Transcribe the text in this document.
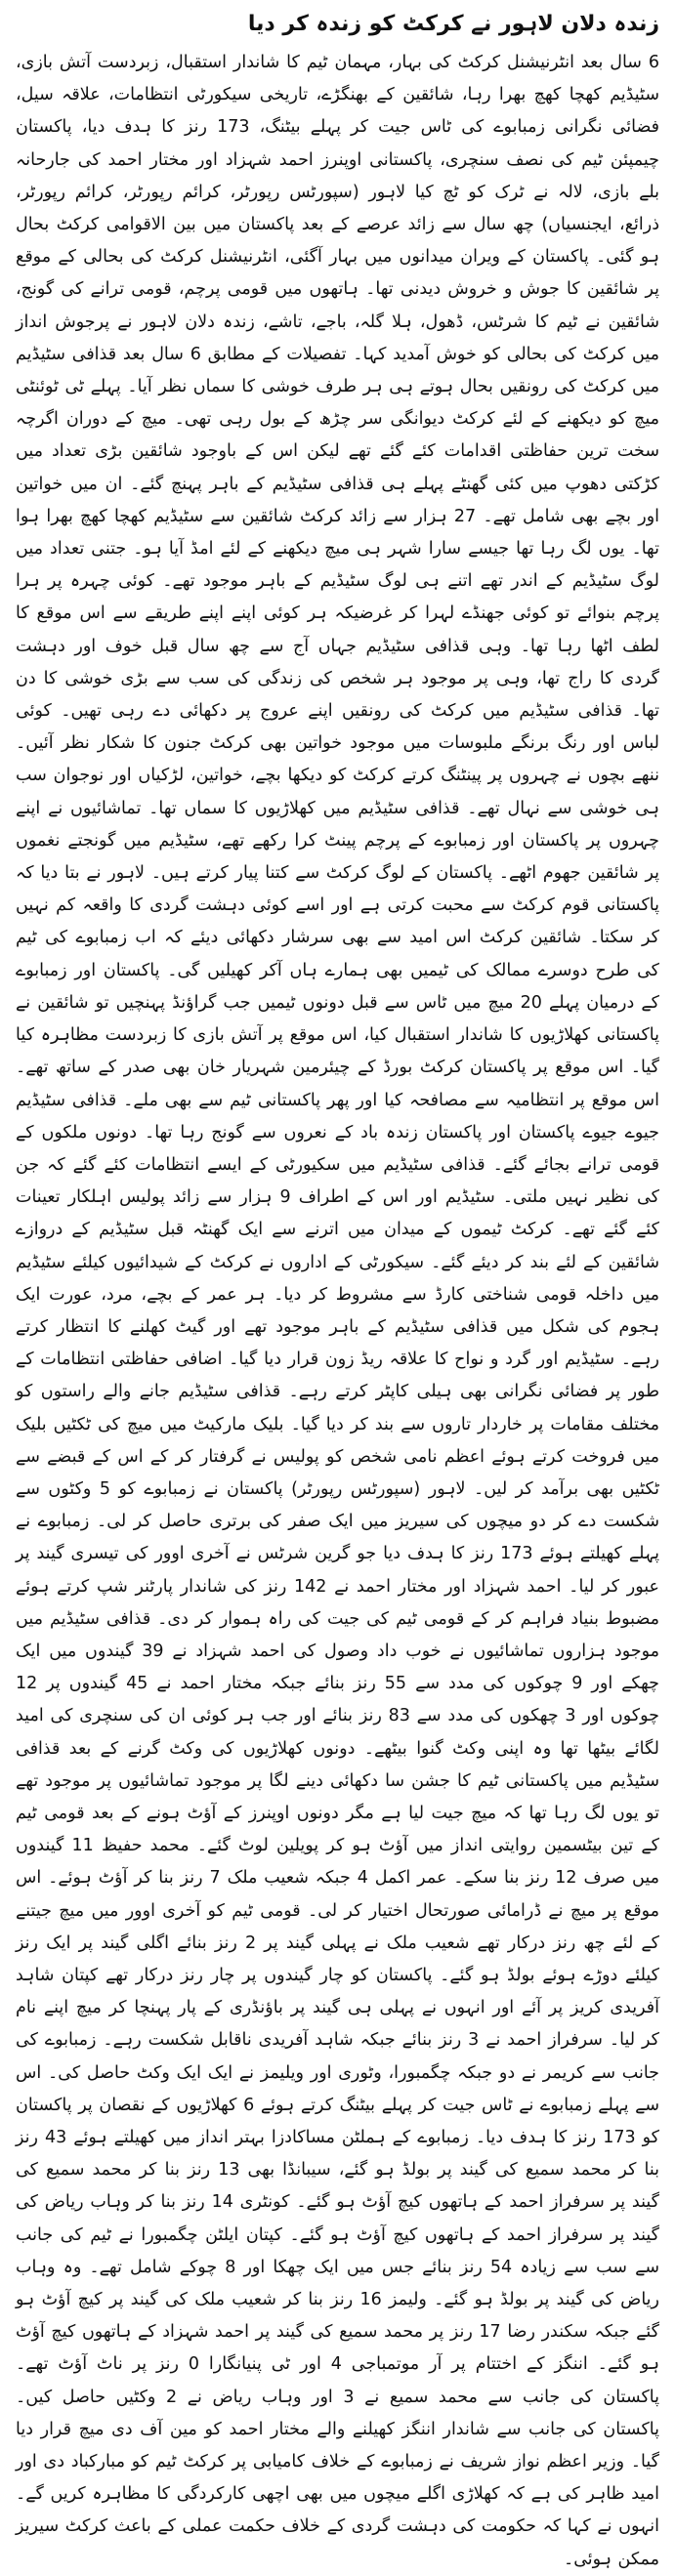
زندہ دلان لاہور نے کرکٹ کو زندہ کر دیا

6 سال بعد انٹرنیشنل کرکٹ کی بہار، مہمان ٹیم کا شاندار استقبال، زبردست آتش بازی، سٹیڈیم کھچا کھچ بھرا رہا، شائقین کے بھنگڑے، تاریخی سیکورٹی انتظامات، علاقہ سیل، فضائی نگرانی زمبابوے کی ٹاس جیت کر پہلے بیٹنگ، 173 رنز کا ہدف دیا، پاکستان چیمپئن ٹیم کی نصف سنچری، پاکستانی اوپنرز احمد شہزاد اور مختار احمد کی جارحانہ بلے بازی، لالہ نے ٹرک کو ٹچ کیا لاہور (سپورٹس رپورٹر، کرائم رپورٹر، کرائم رپورٹر، ذرائع، ایجنسیاں) چھ سال سے زائد عرصے کے بعد پاکستان میں بین الاقوامی کرکٹ بحال ہو گئی۔ پاکستان کے ویران میدانوں میں بہار آگئی، انٹرنیشنل کرکٹ کی بحالی کے موقع پر شائقین کا جوش و خروش دیدنی تھا۔ ہاتھوں میں قومی پرچم، قومی ترانے کی گونج، شائقین نے ٹیم کا شرٹس، ڈھول، ہلا گلہ، باجے، تاشے، زندہ دلان لاہور نے پرجوش انداز میں کرکٹ کی بحالی کو خوش آمدید کہا۔ تفصیلات کے مطابق 6 سال بعد قذافی سٹیڈیم میں کرکٹ کی رونقیں بحال ہوتے ہی ہر طرف خوشی کا سماں نظر آیا۔ پہلے ٹی ٹوئنٹی میچ کو دیکھنے کے لئے کرکٹ دیوانگی سر چڑھ کے بول رہی تھی۔ میچ کے دوران اگرچہ سخت ترین حفاظتی اقدامات کئے گئے تھے لیکن اس کے باوجود شائقین بڑی تعداد میں کڑکتی دھوپ میں کئی گھنٹے پہلے ہی قذافی سٹیڈیم کے باہر پہنچ گئے۔ ان میں خواتین اور بچے بھی شامل تھے۔ 27 ہزار سے زائد کرکٹ شائقین سے سٹیڈیم کھچا کھچ بھرا ہوا تھا۔ یوں لگ رہا تھا جیسے سارا شہر ہی میچ دیکھنے کے لئے امڈ آیا ہو۔ جتنی تعداد میں لوگ سٹیڈیم کے اندر تھے اتنے ہی لوگ سٹیڈیم کے باہر موجود تھے۔ کوئی چہرہ پر ہرا پرچم بنوائے تو کوئی جھنڈے لہرا کر غرضیکہ ہر کوئی اپنے اپنے طریقے سے اس موقع کا لطف اٹھا رہا تھا۔ وہی قذافی سٹیڈیم جہاں آج سے چھ سال قبل خوف اور دہشت گردی کا راج تھا، وہی پر موجود ہر شخص کی زندگی کی سب سے بڑی خوشی کا دن تھا۔ قذافی سٹیڈیم میں کرکٹ کی رونقیں اپنے عروج پر دکھائی دے رہی تھیں۔ کوئی لباس اور رنگ برنگے ملبوسات میں موجود خواتین بھی کرکٹ جنون کا شکار نظر آئیں۔ ننھے بچوں نے چہروں پر پینٹنگ کرتے کرکٹ کو دیکھا بچے، خواتین، لڑکیاں اور نوجوان سب ہی خوشی سے نہال تھے۔ قذافی سٹیڈیم میں کھلاڑیوں کا سماں تھا۔ تماشائیوں نے اپنے چہروں پر پاکستان اور زمبابوے کے پرچم پینٹ کرا رکھے تھے، سٹیڈیم میں گونجتے نغموں پر شائقین جھوم اٹھے۔ پاکستان کے لوگ کرکٹ سے کتنا پیار کرتے ہیں۔ لاہور نے بتا دیا کہ پاکستانی قوم کرکٹ سے محبت کرتی ہے اور اسے کوئی دہشت گردی کا واقعہ کم نہیں کر سکتا۔ شائقین کرکٹ اس امید سے بھی سرشار دکھائی دیئے کہ اب زمبابوے کی ٹیم کی طرح دوسرے ممالک کی ٹیمیں بھی ہمارے ہاں آکر کھیلیں گی۔ پاکستان اور زمبابوے کے درمیان پہلے 20 میچ میں ٹاس سے قبل دونوں ٹیمیں جب گراؤنڈ پہنچیں تو شائقین نے پاکستانی کھلاڑیوں کا شاندار استقبال کیا، اس موقع پر آتش بازی کا زبردست مظاہرہ کیا گیا۔ اس موقع پر پاکستان کرکٹ بورڈ کے چیئرمین شہریار خان بھی صدر کے ساتھ تھے۔ اس موقع پر انتظامیہ سے مصافحہ کیا اور پھر پاکستانی ٹیم سے بھی ملے۔ قذافی سٹیڈیم جیوے جیوے پاکستان اور پاکستان زندہ باد کے نعروں سے گونج رہا تھا۔ دونوں ملکوں کے قومی ترانے بجائے گئے۔ قذافی سٹیڈیم میں سکیورٹی کے ایسے انتظامات کئے گئے کہ جن کی نظیر نہیں ملتی۔ سٹیڈیم اور اس کے اطراف 9 ہزار سے زائد پولیس اہلکار تعینات کئے گئے تھے۔ کرکٹ ٹیموں کے میدان میں اترنے سے ایک گھنٹہ قبل سٹیڈیم کے دروازے شائقین کے لئے بند کر دیئے گئے۔ سیکورٹی کے اداروں نے کرکٹ کے شیدائیوں کیلئے سٹیڈیم میں داخلہ قومی شناختی کارڈ سے مشروط کر دیا۔ ہر عمر کے بچے، مرد، عورت ایک ہجوم کی شکل میں قذافی سٹیڈیم کے باہر موجود تھے اور گیٹ کھلنے کا انتظار کرتے رہے۔ سٹیڈیم اور گرد و نواح کا علاقہ ریڈ زون قرار دیا گیا۔ اضافی حفاظتی انتظامات کے طور پر فضائی نگرانی بھی ہیلی کاپٹر کرتے رہے۔ قذافی سٹیڈیم جانے والے راستوں کو مختلف مقامات پر خاردار تاروں سے بند کر دیا گیا۔ بلیک مارکیٹ میں میچ کی ٹکٹیں بلیک میں فروخت کرتے ہوئے اعظم نامی شخص کو پولیس نے گرفتار کر کے اس کے قبضے سے ٹکٹیں بھی برآمد کر لیں۔ لاہور (سپورٹس رپورٹر) پاکستان نے زمبابوے کو 5 وکٹوں سے شکست دے کر دو میچوں کی سیریز میں ایک صفر کی برتری حاصل کر لی۔ زمبابوے نے پہلے کھیلتے ہوئے 173 رنز کا ہدف دیا جو گرین شرٹس نے آخری اوور کی تیسری گیند پر عبور کر لیا۔ احمد شہزاد اور مختار احمد نے 142 رنز کی شاندار پارٹنر شپ کرتے ہوئے مضبوط بنیاد فراہم کر کے قومی ٹیم کی جیت کی راہ ہموار کر دی۔ قذافی سٹیڈیم میں موجود ہزاروں تماشائیوں نے خوب داد وصول کی احمد شہزاد نے 39 گیندوں میں ایک چھکے اور 9 چوکوں کی مدد سے 55 رنز بنائے جبکہ مختار احمد نے 45 گیندوں پر 12 چوکوں اور 3 چھکوں کی مدد سے 83 رنز بنائے اور جب ہر کوئی ان کی سنچری کی امید لگائے بیٹھا تھا وہ اپنی وکٹ گنوا بیٹھے۔ دونوں کھلاڑیوں کی وکٹ گرنے کے بعد قذافی سٹیڈیم میں پاکستانی ٹیم کا جشن سا دکھائی دینے لگا پر موجود تماشائیوں پر موجود تھے تو یوں لگ رہا تھا کہ میچ جیت لیا ہے مگر دونوں اوپنرز کے آؤٹ ہونے کے بعد قومی ٹیم کے تین بیٹسمین روایتی انداز میں آؤٹ ہو کر پویلین لوٹ گئے۔ محمد حفیظ 11 گیندوں میں صرف 12 رنز بنا سکے۔ عمر اکمل 4 جبکہ شعیب ملک 7 رنز بنا کر آؤٹ ہوئے۔ اس موقع پر میچ نے ڈرامائی صورتحال اختیار کر لی۔ قومی ٹیم کو آخری اوور میں میچ جیتنے کے لئے چھ رنز درکار تھے شعیب ملک نے پہلی گیند پر 2 رنز بنائے اگلی گیند پر ایک رنز کیلئے دوڑے ہوئے بولڈ ہو گئے۔ پاکستان کو چار گیندوں پر چار رنز درکار تھے کپتان شاہد آفریدی کریز پر آئے اور انہوں نے پہلی ہی گیند پر باؤنڈری کے پار پہنچا کر میچ اپنے نام کر لیا۔ سرفراز احمد نے 3 رنز بنائے جبکہ شاہد آفریدی ناقابل شکست رہے۔ زمبابوے کی جانب سے کریمر نے دو جبکہ چگمبورا، وٹوری اور ویلیمز نے ایک ایک وکٹ حاصل کی۔ اس سے پہلے زمبابوے نے ٹاس جیت کر پہلے بیٹنگ کرتے ہوئے 6 کھلاڑیوں کے نقصان پر پاکستان کو 173 رنز کا ہدف دیا۔ زمبابوے کے ہملٹن مساکادزا بہتر انداز میں کھیلتے ہوئے 43 رنز بنا کر محمد سمیع کی گیند پر بولڈ ہو گئے، سیبانڈا بھی 13 رنز بنا کر محمد سمیع کی گیند پر سرفراز احمد کے ہاتھوں کیچ آؤٹ ہو گئے۔ کونٹری 14 رنز بنا کر وہاب ریاض کی گیند پر سرفراز احمد کے ہاتھوں کیچ آؤٹ ہو گئے۔ کپتان ایلٹن چگمبورا نے ٹیم کی جانب سے سب سے زیادہ 54 رنز بنائے جس میں ایک چھکا اور 8 چوکے شامل تھے۔ وہ وہاب ریاض کی گیند پر بولڈ ہو گئے۔ ولیمز 16 رنز بنا کر شعیب ملک کی گیند پر کیچ آؤٹ ہو گئے جبکہ سکندر رضا 17 رنز پر محمد سمیع کی گیند پر احمد شہزاد کے ہاتھوں کیچ آؤٹ ہو گئے۔ اننگز کے اختتام پر آر موتمباجی 4 اور ٹی پنیانگارا 0 رنز پر ناٹ آؤٹ تھے۔ پاکستان کی جانب سے محمد سمیع نے 3 اور وہاب ریاض نے 2 وکٹیں حاصل کیں۔ پاکستان کی جانب سے شاندار اننگز کھیلنے والے مختار احمد کو مین آف دی میچ قرار دیا گیا۔ وزیر اعظم نواز شریف نے زمبابوے کے خلاف کامیابی پر کرکٹ ٹیم کو مبارکباد دی اور امید ظاہر کی ہے کہ کھلاڑی اگلے میچوں میں بھی اچھی کارکردگی کا مظاہرہ کریں گے۔ انہوں نے کہا کہ حکومت کی دہشت گردی کے خلاف حکمت عملی کے باعث کرکٹ سیریز ممکن ہوئی۔
